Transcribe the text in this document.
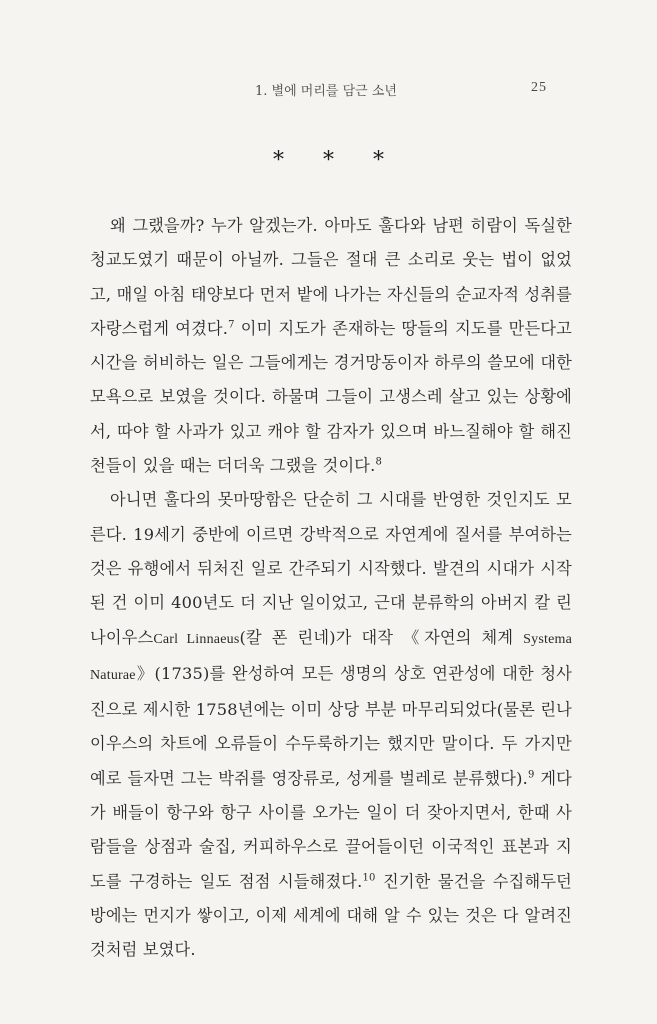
1. 별에 머리를 담근 소년	25
* * *

왜 그랬을까? 누가 알겠는가. 아마도 훌다와 남편 히람이 독실한 청교도였기 때문이 아닐까. 그들은 절대 큰 소리로 웃는 법이 없었고, 매일 아침 태양보다 먼저 밭에 나가는 자신들의 순교자적 성취를 자랑스럽게 여겼다.$^7$ 이미 지도가 존재하는 땅들의 지도를 만든다고 시간을 허비하는 일은 그들에게는 경거망동이자 하루의 쓸모에 대한 모욕으로 보였을 것이다. 하물며 그들이 고생스레 살고 있는 상황에서, 따야 할 사과가 있고 캐야 할 감자가 있으며 바느질해야 할 해진 천들이 있을 때는 더더욱 그랬을 것이다.$^8$

아니면 훌다의 못마땅함은 단순히 그 시대를 반영한 것인지도 모른다. 19세기 중반에 이르면 강박적으로 자연계에 질서를 부여하는 것은 유행에서 뒤처진 일로 간주되기 시작했다. 발견의 시대가 시작된 건 이미 400년도 더 지난 일이었고, 근대 분류학의 아버지 칼 린나이우스Carl Linnaeus(칼 폰 린네)가 대작 《자연의 체계 Systema Naturae》(1735)를 완성하여 모든 생명의 상호 연관성에 대한 청사진으로 제시한 1758년에는 이미 상당 부분 마무리되었다(물론 린나이우스의 차트에 오류들이 수두룩하기는 했지만 말이다. 두 가지만 예로 들자면 그는 박쥐를 영장류로, 성게를 벌레로 분류했다).$^9$ 게다가 배들이 항구와 항구 사이를 오가는 일이 더 잦아지면서, 한때 사람들을 상점과 술집, 커피하우스로 끌어들이던 이국적인 표본과 지도를 구경하는 일도 점점 시들해졌다.$^{10}$ 진기한 물건을 수집해두던 방에는 먼지가 쌓이고, 이제 세계에 대해 알 수 있는 것은 다 알려진 것처럼 보였다.
